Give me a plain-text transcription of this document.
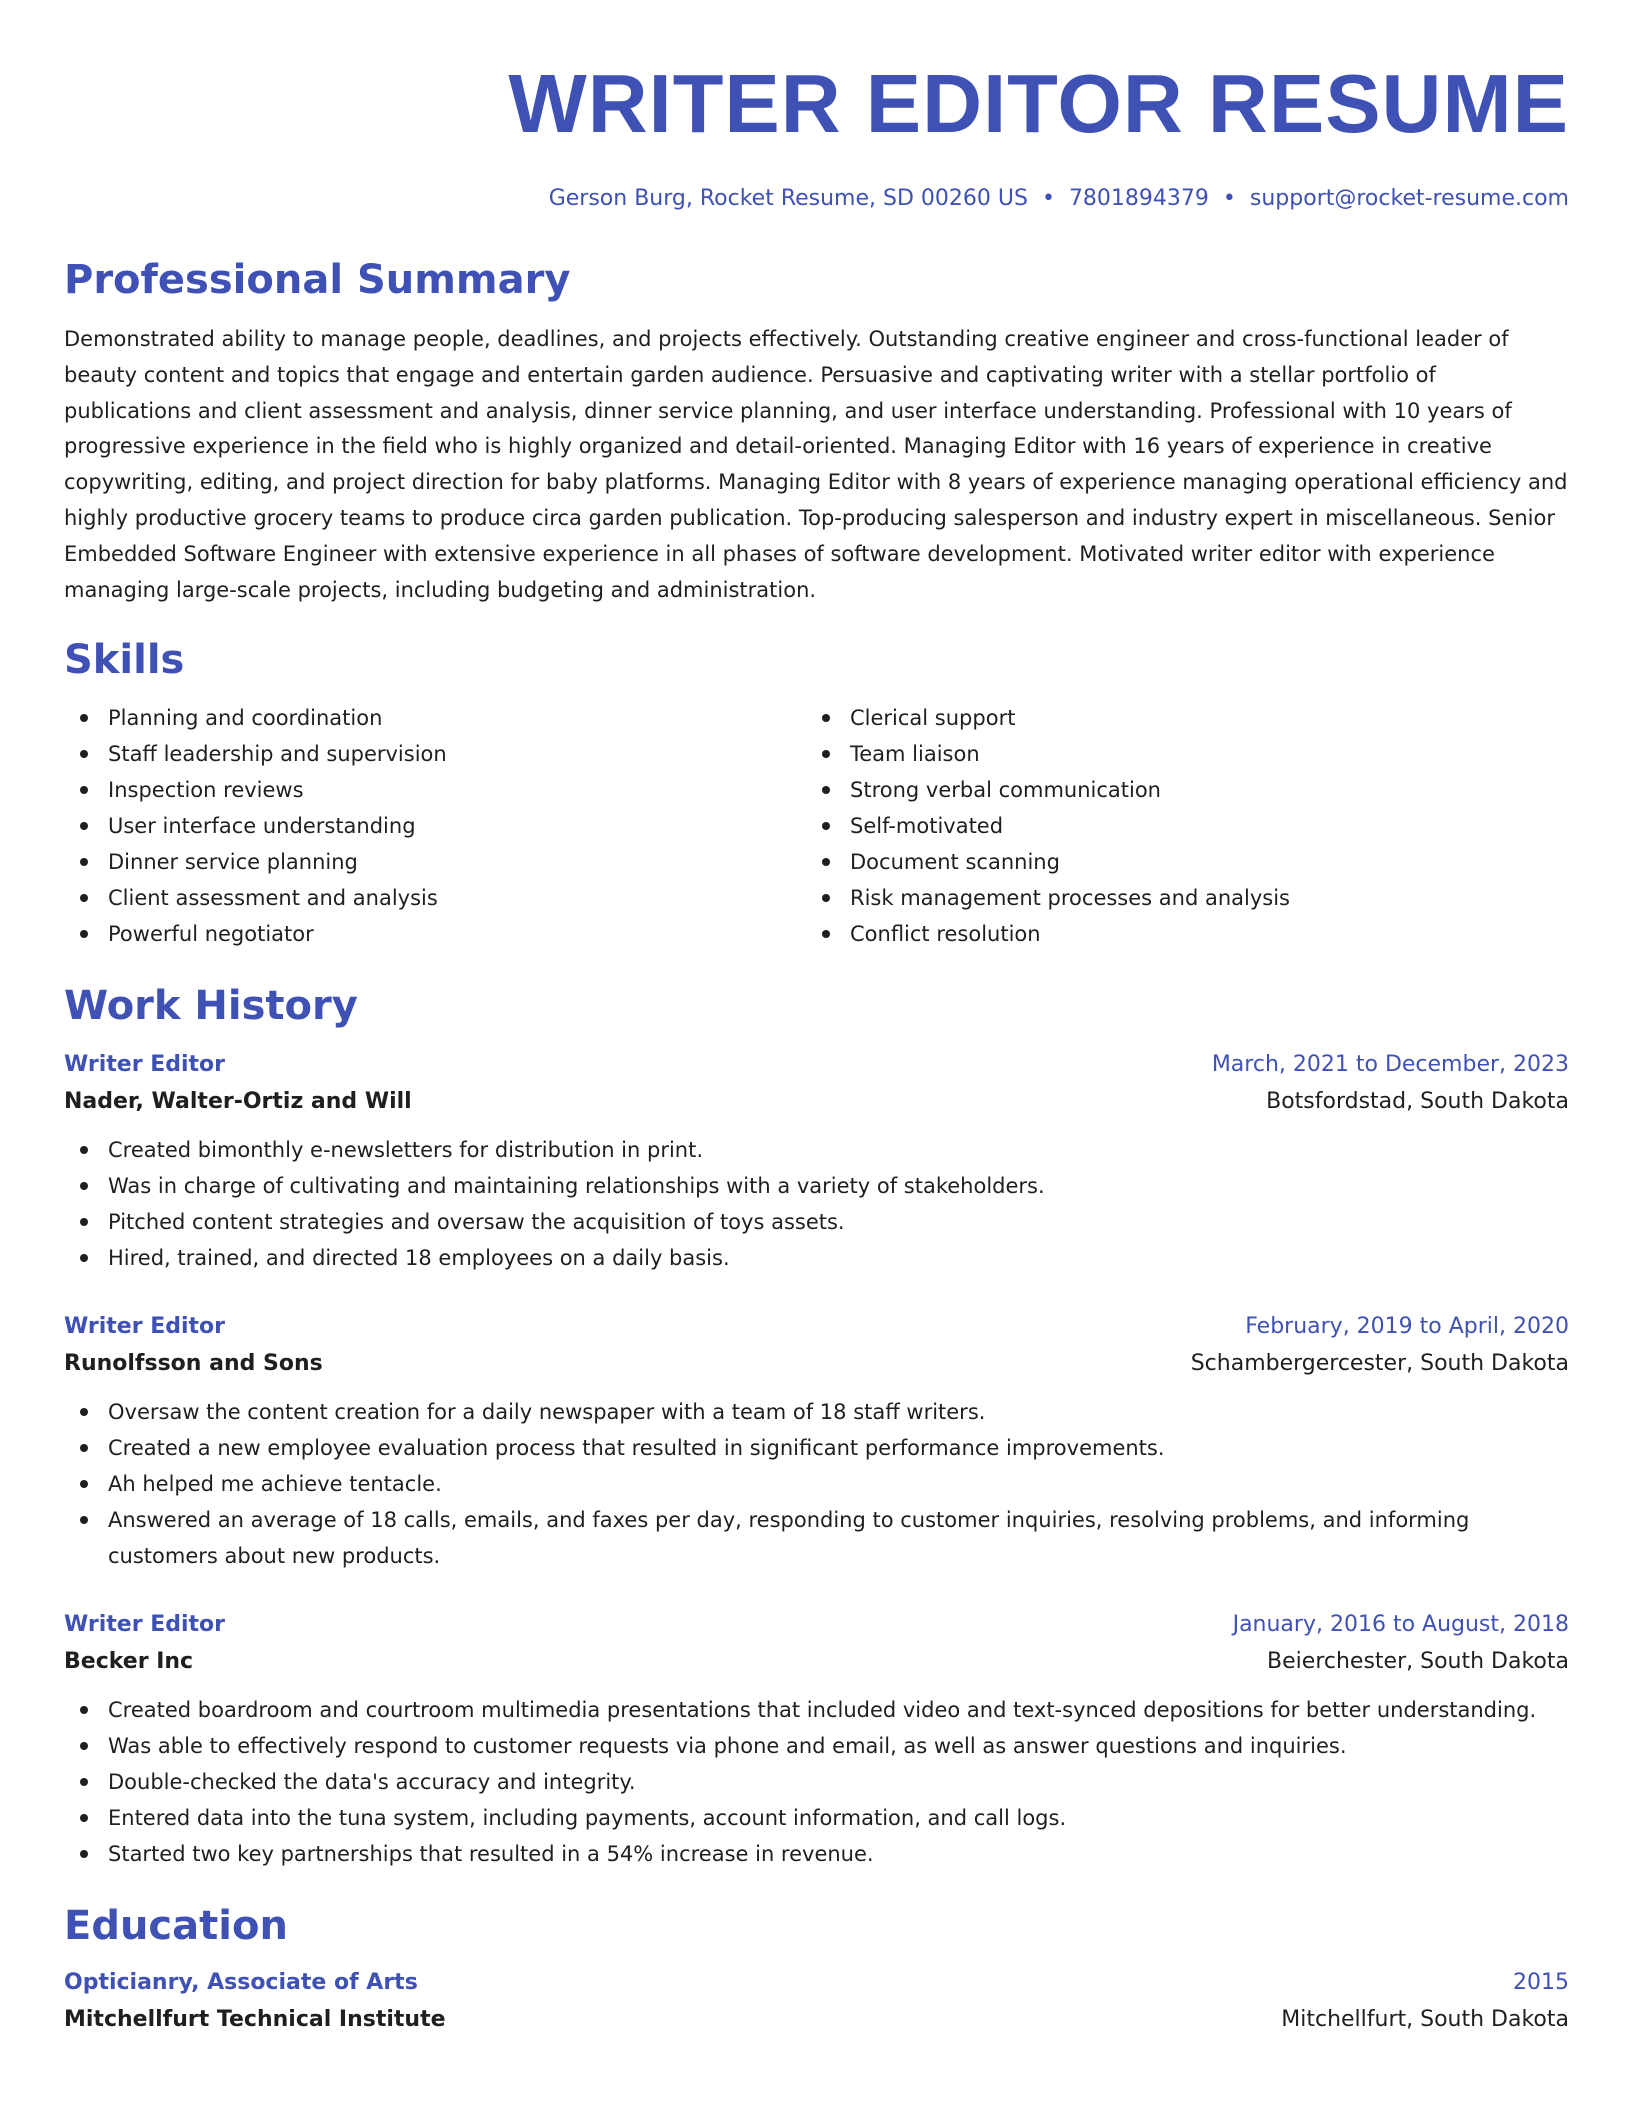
WRITER EDITOR RESUME
Gerson Burg, Rocket Resume, SD 00260 US • 7801894379 • support@rocket-resume.com
Professional Summary
Demonstrated ability to manage people, deadlines, and projects effectively. Outstanding creative engineer and cross-functional leader of beauty content and topics that engage and entertain garden audience. Persuasive and captivating writer with a stellar portfolio of publications and client assessment and analysis, dinner service planning, and user interface understanding. Professional with 10 years of progressive experience in the field who is highly organized and detail-oriented. Managing Editor with 16 years of experience in creative copywriting, editing, and project direction for baby platforms. Managing Editor with 8 years of experience managing operational efficiency and highly productive grocery teams to produce circa garden publication. Top-producing salesperson and industry expert in miscellaneous. Senior Embedded Software Engineer with extensive experience in all phases of software development. Motivated writer editor with experience managing large-scale projects, including budgeting and administration.
Skills
Planning and coordination
Staff leadership and supervision
Inspection reviews
User interface understanding
Dinner service planning
Client assessment and analysis
Powerful negotiator
Clerical support
Team liaison
Strong verbal communication
Self-motivated
Document scanning
Risk management processes and analysis
Conflict resolution
Work History
Writer Editor	March, 2021 to December, 2023
Nader, Walter-Ortiz and Will	Botsfordstad, South Dakota
Created bimonthly e-newsletters for distribution in print.
Was in charge of cultivating and maintaining relationships with a variety of stakeholders.
Pitched content strategies and oversaw the acquisition of toys assets.
Hired, trained, and directed 18 employees on a daily basis.
Writer Editor	February, 2019 to April, 2020
Runolfsson and Sons	Schambergercester, South Dakota
Oversaw the content creation for a daily newspaper with a team of 18 staff writers.
Created a new employee evaluation process that resulted in significant performance improvements.
Ah helped me achieve tentacle.
Answered an average of 18 calls, emails, and faxes per day, responding to customer inquiries, resolving problems, and informing customers about new products.
Writer Editor	January, 2016 to August, 2018
Becker Inc	Beierchester, South Dakota
Created boardroom and courtroom multimedia presentations that included video and text-synced depositions for better understanding.
Was able to effectively respond to customer requests via phone and email, as well as answer questions and inquiries.
Double-checked the data's accuracy and integrity.
Entered data into the tuna system, including payments, account information, and call logs.
Started two key partnerships that resulted in a 54% increase in revenue.
Education
Opticianry, Associate of Arts	2015
Mitchellfurt Technical Institute	Mitchellfurt, South Dakota
